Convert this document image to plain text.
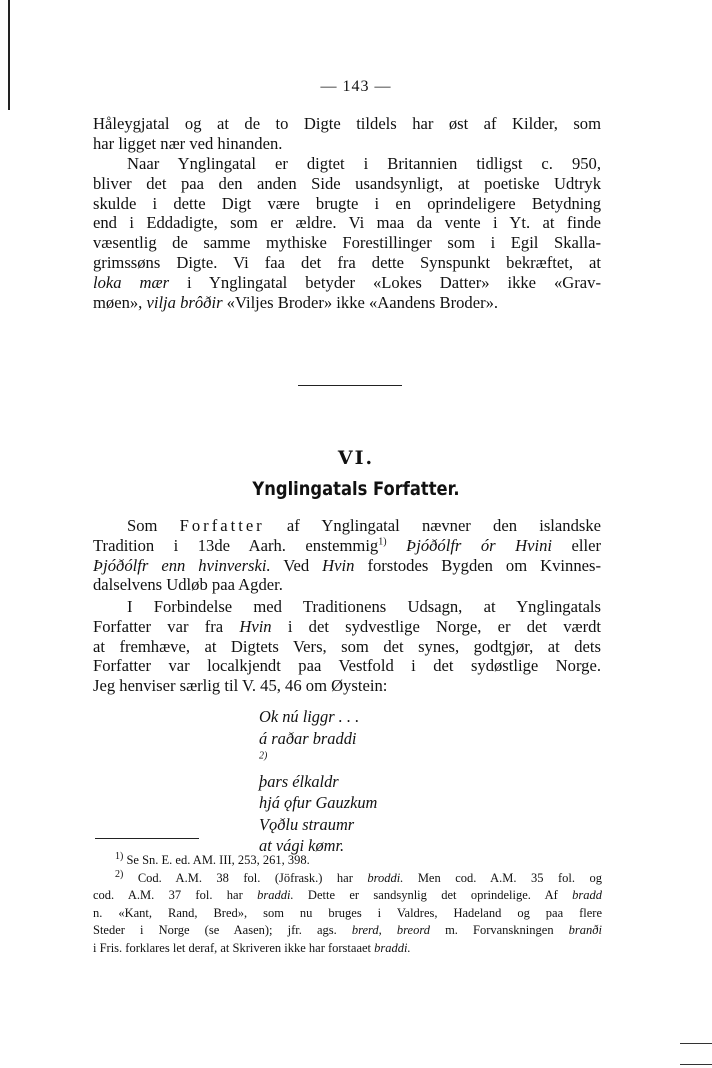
— 143 —
Håleygjatal og at de to Digte tildels har øst af Kilder, som
har ligget nær ved hinanden.
Naar Ynglingatal er digtet i Britannien tidligst c. 950,
bliver det paa den anden Side usandsynligt, at poetiske Udtryk
skulde i dette Digt være brugte i en oprindeligere Betydning
end i Eddadigte, som er ældre. Vi maa da vente i Yt. at finde
væsentlig de samme mythiske Forestillinger som i Egil Skalla-
grimssøns Digte. Vi faa det fra dette Synspunkt bekræftet, at
loka mær i Ynglingatal betyder «Lokes Datter» ikke «Grav-
møen», vilja brôðir «Viljes Broder» ikke «Aandens Broder».
VI.
Ynglingatals Forfatter.
Som Forfatter af Ynglingatal nævner den islandske
Tradition i 13de Aarh. enstemmig$^{1)}$ Þjóðólfr ór Hvini eller
Þjóðólfr enn hvinverski. Ved Hvin forstodes Bygden om Kvinnes-
dalselvens Udløb paa Agder.
I Forbindelse med Traditionens Udsagn, at Ynglingatals
Forfatter var fra Hvin i det sydvestlige Norge, er det værdt
at fremhæve, at Digtets Vers, som det synes, godtgjør, at dets
Forfatter var localkjendt paa Vestfold i det sydøstlige Norge.
Jeg henviser særlig til V. 45, 46 om Øystein:
Ok nú liggr . . .
á raðar braddi
$^{2)}$
þars élkaldr
hjá ǫfur Gauzkum
Vǫðlu straumr
at vági kømr.
$^{1)}$ Se Sn. E. ed. AM. III, 253, 261, 398.
$^{2)}$ Cod. A.M. 38 fol. (Jöfrask.) har broddi. Men cod. A.M. 35 fol. og
cod. A.M. 37 fol. har braddi. Dette er sandsynlig det oprindelige. Af bradd
n. «Kant, Rand, Bred», som nu bruges i Valdres, Hadeland og paa flere
Steder i Norge (se Aasen); jfr. ags. brerd, breord m. Forvanskningen branði
i Fris. forklares let deraf, at Skriveren ikke har forstaaet braddi.
